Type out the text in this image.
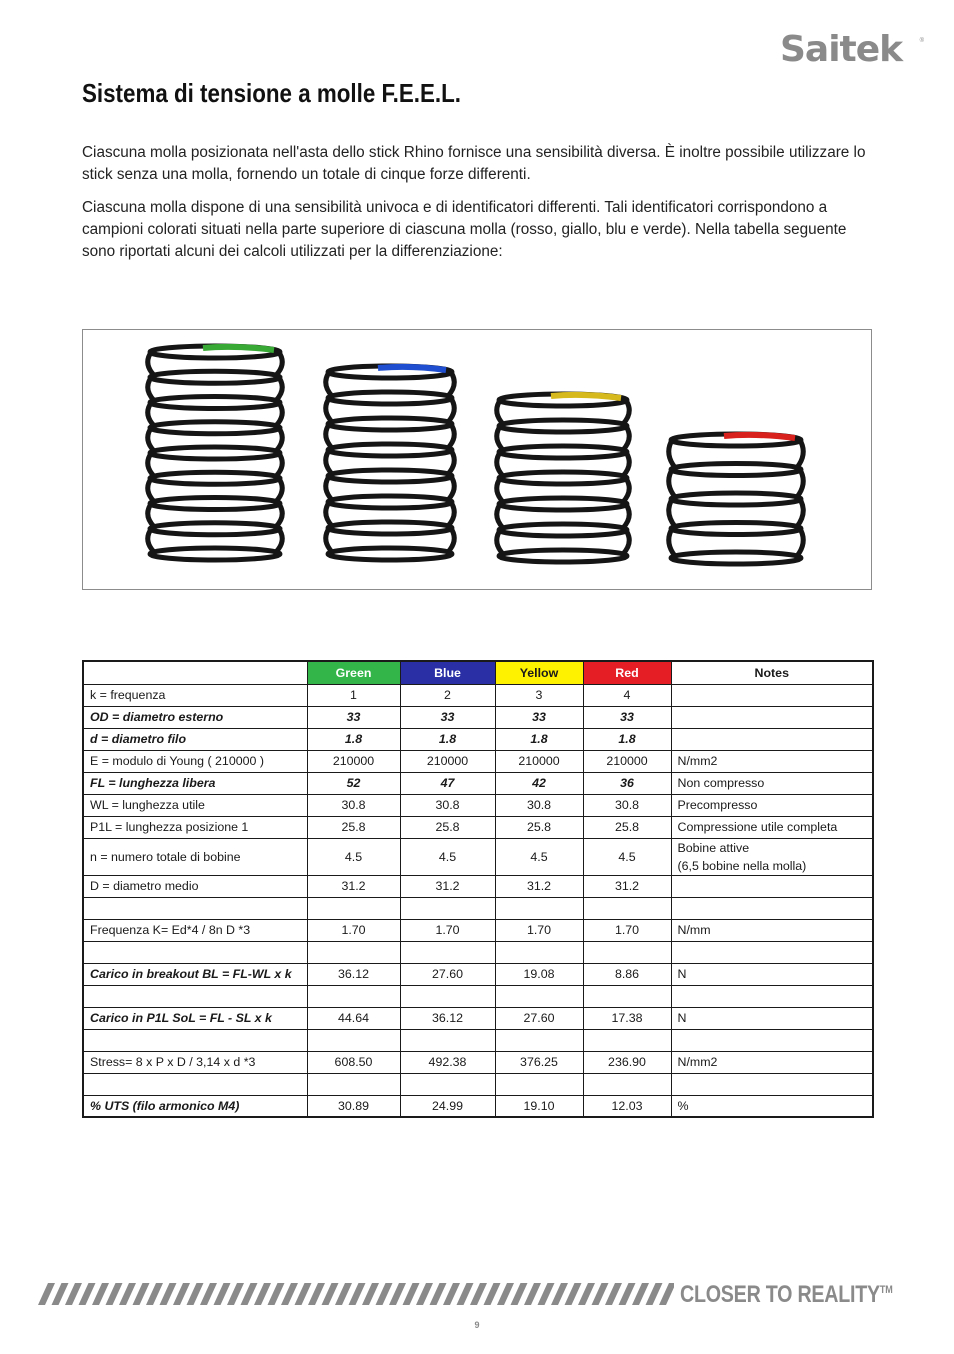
Saitek	®
Sistema di tensione a molle F.E.E.L.

Ciascuna molla posizionata nell'asta dello stick Rhino fornisce una sensibilità diversa. È inoltre possibile utilizzare lo stick senza una molla, fornendo un totale di cinque forze differenti.

Ciascuna molla dispone di una sensibilità univoca e di identificatori differenti. Tali identificatori corrispondono a campioni colorati situati nella parte superiore di ciascuna molla (rosso, giallo, blu e verde). Nella tabella seguente sono riportati alcuni dei calcoli utilizzati per la differenziazione:

	Green	Blue	Yellow	Red	Notes
k = frequenza	1	2	3	4	
OD = diametro esterno	33	33	33	33	
d = diametro filo	1.8	1.8	1.8	1.8	
E = modulo di Young ( 210000 )	210000	210000	210000	210000	N/mm2
FL = lunghezza libera	52	47	42	36	Non compresso
WL = lunghezza utile	30.8	30.8	30.8	30.8	Precompresso
P1L = lunghezza posizione 1	25.8	25.8	25.8	25.8	Compressione utile completa
n = numero totale di bobine	4.5	4.5	4.5	4.5	Bobine attive
(6,5 bobine nella molla)

D = diametro medio	31.2	31.2	31.2	31.2	

Frequenza K= Ed*4 / 8n D *3	1.70	1.70	1.70	1.70	N/mm

Carico in breakout BL = FL-WL x k	36.12	27.60	19.08	8.86	N

Carico in P1L SoL = FL - SL x k	44.64	36.12	27.60	17.38	N

Stress= 8 x P x D / 3,14 x d *3	608.50	492.38	376.25	236.90	N/mm2

% UTS (filo armonico M4)	30.89	24.99	19.10	12.03	%
CLOSER TO REALITY™
9
